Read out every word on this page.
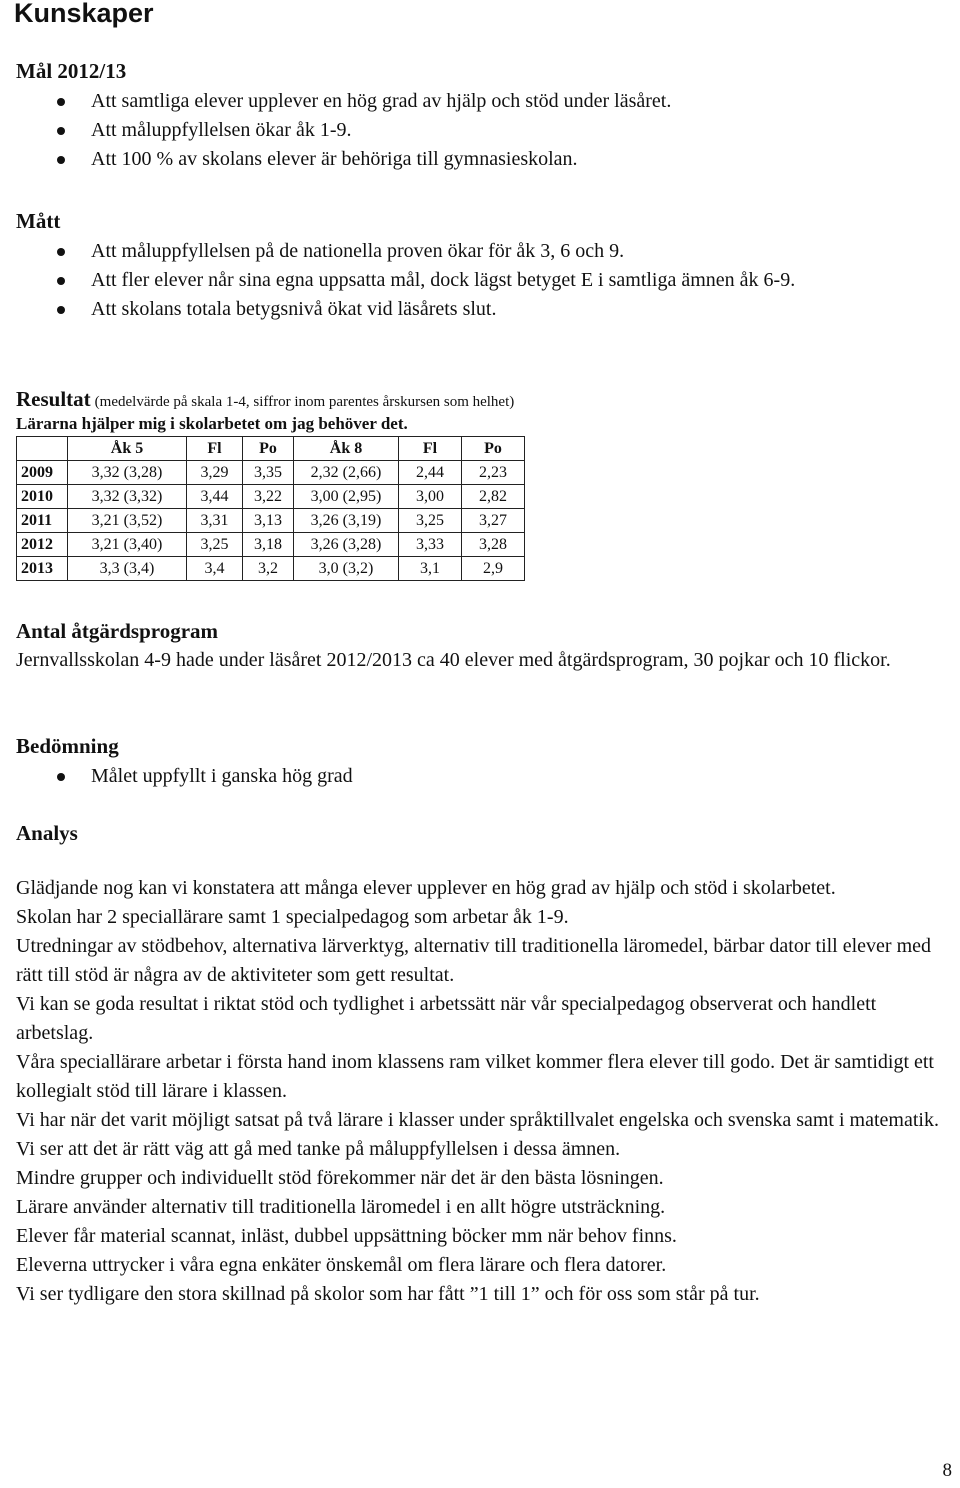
Kunskaper
Mål 2012/13
Att samtliga elever upplever en hög grad av hjälp och stöd under läsåret.
Att måluppfyllelsen ökar åk 1-9.
Att 100 % av skolans elever är behöriga till gymnasieskolan.
Mått
Att måluppfyllelsen på de nationella proven ökar för åk 3, 6 och 9.
Att fler elever når sina egna uppsatta mål, dock lägst betyget E i samtliga ämnen åk 6-9.
Att skolans totala betygsnivå ökat vid läsårets slut.
Resultat (medelvärde på skala 1-4, siffror inom parentes årskursen som helhet)
Lärarna hjälper mig i skolarbetet om jag behöver det.
	Åk 5	Fl	Po	Åk 8	Fl	Po
2009	3,32 (3,28)	3,29	3,35	2,32 (2,66)	2,44	2,23
2010	3,32 (3,32)	3,44	3,22	3,00 (2,95)	3,00	2,82
2011	3,21 (3,52)	3,31	3,13	3,26 (3,19)	3,25	3,27
2012	3,21 (3,40)	3,25	3,18	3,26 (3,28)	3,33	3,28
2013	3,3 (3,4)	3,4	3,2	3,0 (3,2)	3,1	2,9
Antal åtgärdsprogram
Jernvallsskolan 4-9 hade under läsåret 2012/2013 ca 40 elever med åtgärdsprogram, 30 pojkar och 10 flickor.
Bedömning
Målet uppfyllt i ganska hög grad
Analys

Glädjande nog kan vi konstatera att många elever upplever en hög grad av hjälp och stöd i skolarbetet.

Skolan har 2 speciallärare samt 1 specialpedagog som arbetar åk 1-9.

Utredningar av stödbehov, alternativa lärverktyg, alternativ till traditionella läromedel, bärbar dator till elever med rätt till stöd är några av de aktiviteter som gett resultat.

Vi kan se goda resultat i riktat stöd och tydlighet i arbetssätt när vår specialpedagog observerat och handlett arbetslag.

Våra speciallärare arbetar i första hand inom klassens ram vilket kommer flera elever till godo. Det är samtidigt ett kollegialt stöd till lärare i klassen.

Vi har när det varit möjligt satsat på två lärare i klasser under språktillvalet engelska och svenska samt i matematik. Vi ser att det är rätt väg att gå med tanke på måluppfyllelsen i dessa ämnen.

Mindre grupper och individuellt stöd förekommer när det är den bästa lösningen.

Lärare använder alternativ till traditionella läromedel i en allt högre utsträckning.

Elever får material scannat, inläst, dubbel uppsättning böcker mm när behov finns.

Eleverna uttrycker i våra egna enkäter önskemål om flera lärare och flera datorer.

Vi ser tydligare den stora skillnad på skolor som har fått ”1 till 1” och för oss som står på tur.

8
